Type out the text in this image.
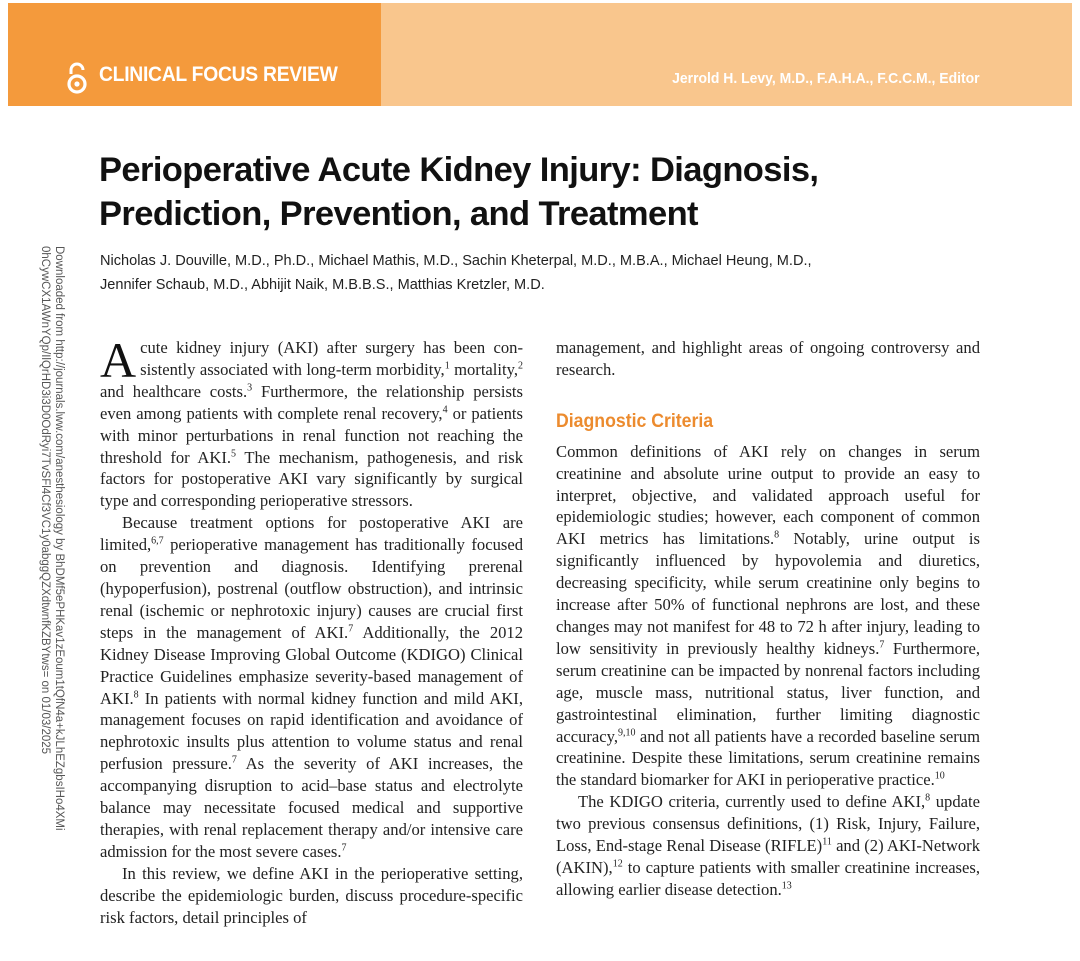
CLINICAL FOCUS REVIEW	Jerrold H. Levy, M.D., F.A.H.A., F.C.C.M., Editor
Downloaded from http://journals.lww.com/anesthesiology by BhDMf5ePHKav1zEoum1tQfN4a+kJLhEZgbsIHo4XMi
0hCywCX1AWnYQp/IlQrHD3i3D0OdRyi7TvSFl4Cf3VC1y0abggQZXdtwnfKZBYtws= on 01/03/2025
Perioperative Acute Kidney Injury: Diagnosis, Prediction, Prevention, and Treatment
Nicholas J. Douville, M.D., Ph.D., Michael Mathis, M.D., Sachin Kheterpal, M.D., M.B.A., Michael Heung, M.D.,
Jennifer Schaub, M.D., Abhijit Naik, M.B.B.S., Matthias Kretzler, M.D.

Acute kidney injury (AKI) after surgery has been consistently associated with long-term morbidity,$^1$ mortality,$^2$ and healthcare costs.$^3$ Furthermore, the relationship persists even among patients with complete renal recovery,$^4$ or patients with minor perturbations in renal function not reaching the threshold for AKI.$^5$ The mechanism, pathogenesis, and risk factors for postoperative AKI vary significantly by surgical type and corresponding perioperative stressors.

Because treatment options for postoperative AKI are limited,$^{6,7}$ perioperative management has traditionally focused on prevention and diagnosis. Identifying prerenal (hypoperfusion), postrenal (outflow obstruction), and intrinsic renal (ischemic or nephrotoxic injury) causes are crucial first steps in the management of AKI.$^7$ Additionally, the 2012 Kidney Disease Improving Global Outcome (KDIGO) Clinical Practice Guidelines emphasize severity-based management of AKI.$^8$ In patients with normal kidney function and mild AKI, management focuses on rapid identification and avoidance of nephrotoxic insults plus attention to volume status and renal perfusion pressure.$^7$ As the severity of AKI increases, the accompanying disruption to acid–base status and electrolyte balance may necessitate focused medical and supportive therapies, with renal replacement therapy and/or intensive care admission for the most severe cases.$^7$

In this review, we define AKI in the perioperative setting, describe the epidemiologic burden, discuss procedure-specific risk factors, detail principles of

management, and highlight areas of ongoing controversy and research.

Diagnostic Criteria

Common definitions of AKI rely on changes in serum creatinine and absolute urine output to provide an easy to interpret, objective, and validated approach useful for epidemiologic studies; however, each component of common AKI metrics has limitations.$^8$ Notably, urine output is significantly influenced by hypovolemia and diuretics, decreasing specificity, while serum creatinine only begins to increase after 50% of functional nephrons are lost, and these changes may not manifest for 48 to 72 h after injury, leading to low sensitivity in previously healthy kidneys.$^7$ Furthermore, serum creatinine can be impacted by nonrenal factors including age, muscle mass, nutritional status, liver function, and gastrointestinal elimination, further limiting diagnostic accuracy,$^{9,10}$ and not all patients have a recorded baseline serum creatinine. Despite these limitations, serum creatinine remains the standard biomarker for AKI in perioperative practice.$^{10}$

The KDIGO criteria, currently used to define AKI,$^8$ update two previous consensus definitions, (1) Risk, Injury, Failure, Loss, End-stage Renal Disease (RIFLE)$^{11}$ and (2) AKI-Network (AKIN),$^{12}$ to capture patients with smaller creatinine increases, allowing earlier disease detection.$^{13}$
